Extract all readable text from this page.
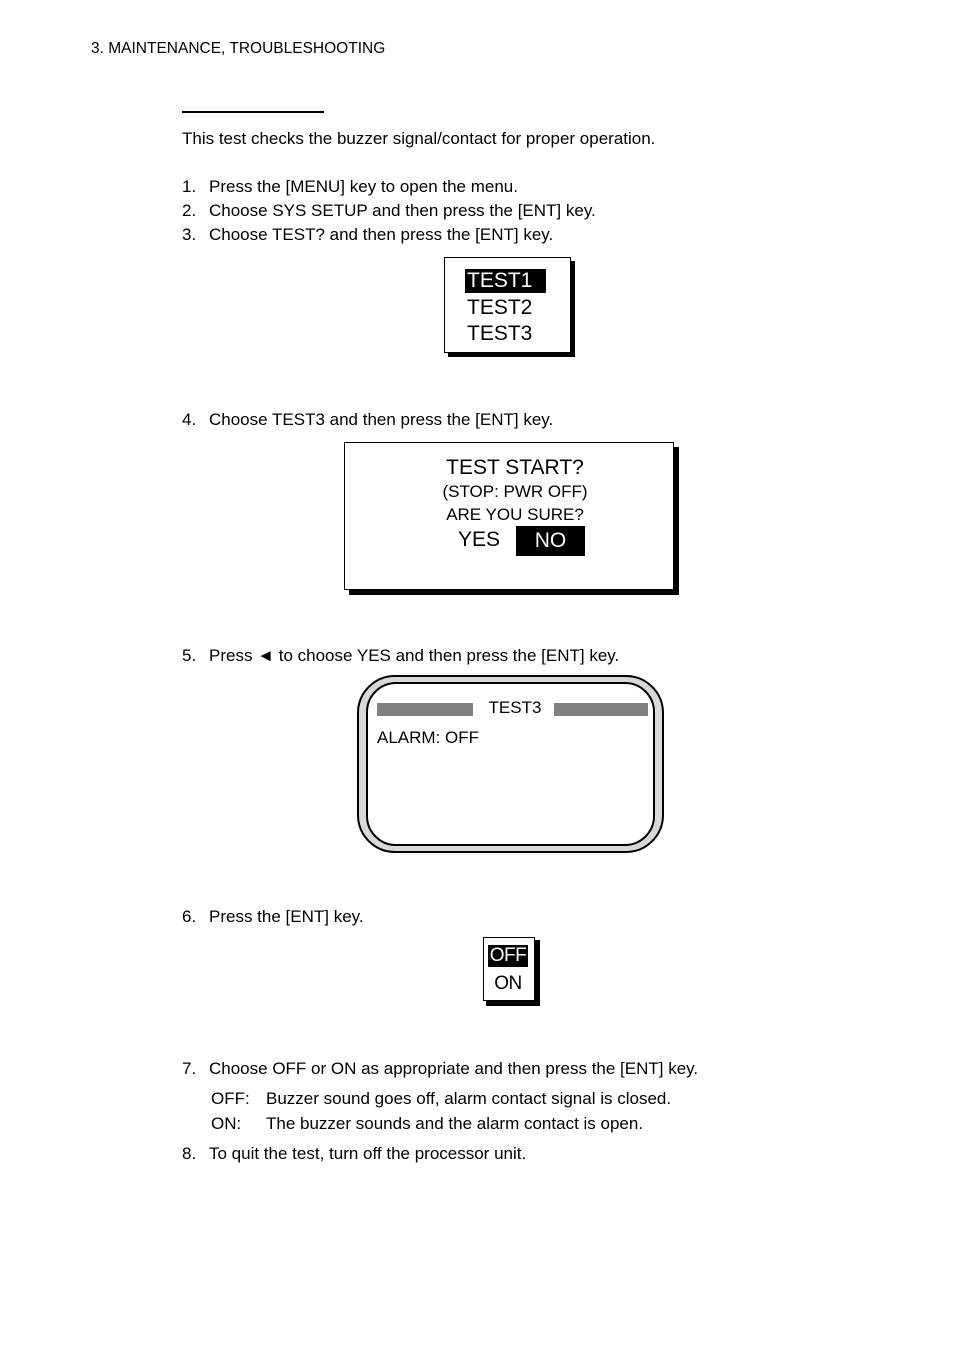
3. MAINTENANCE, TROUBLESHOOTING
This test checks the buzzer signal/contact for proper operation.
1. Press the [MENU] key to open the menu.
2. Choose SYS SETUP and then press the [ENT] key.
3. Choose TEST? and then press the [ENT] key.
TEST1
TEST2
TEST3
4. Choose TEST3 and then press the [ENT] key.
TEST START?
(STOP: PWR OFF)
ARE YOU SURE?
YES	NO
5. Press ◄ to choose YES and then press the [ENT] key.
TEST3
ALARM: OFF
6. Press the [ENT] key.
OFF
ON
7. Choose OFF or ON as appropriate and then press the [ENT] key.
OFF: Buzzer sound goes off, alarm contact signal is closed.
ON: The buzzer sounds and the alarm contact is open.
8. To quit the test, turn off the processor unit.
